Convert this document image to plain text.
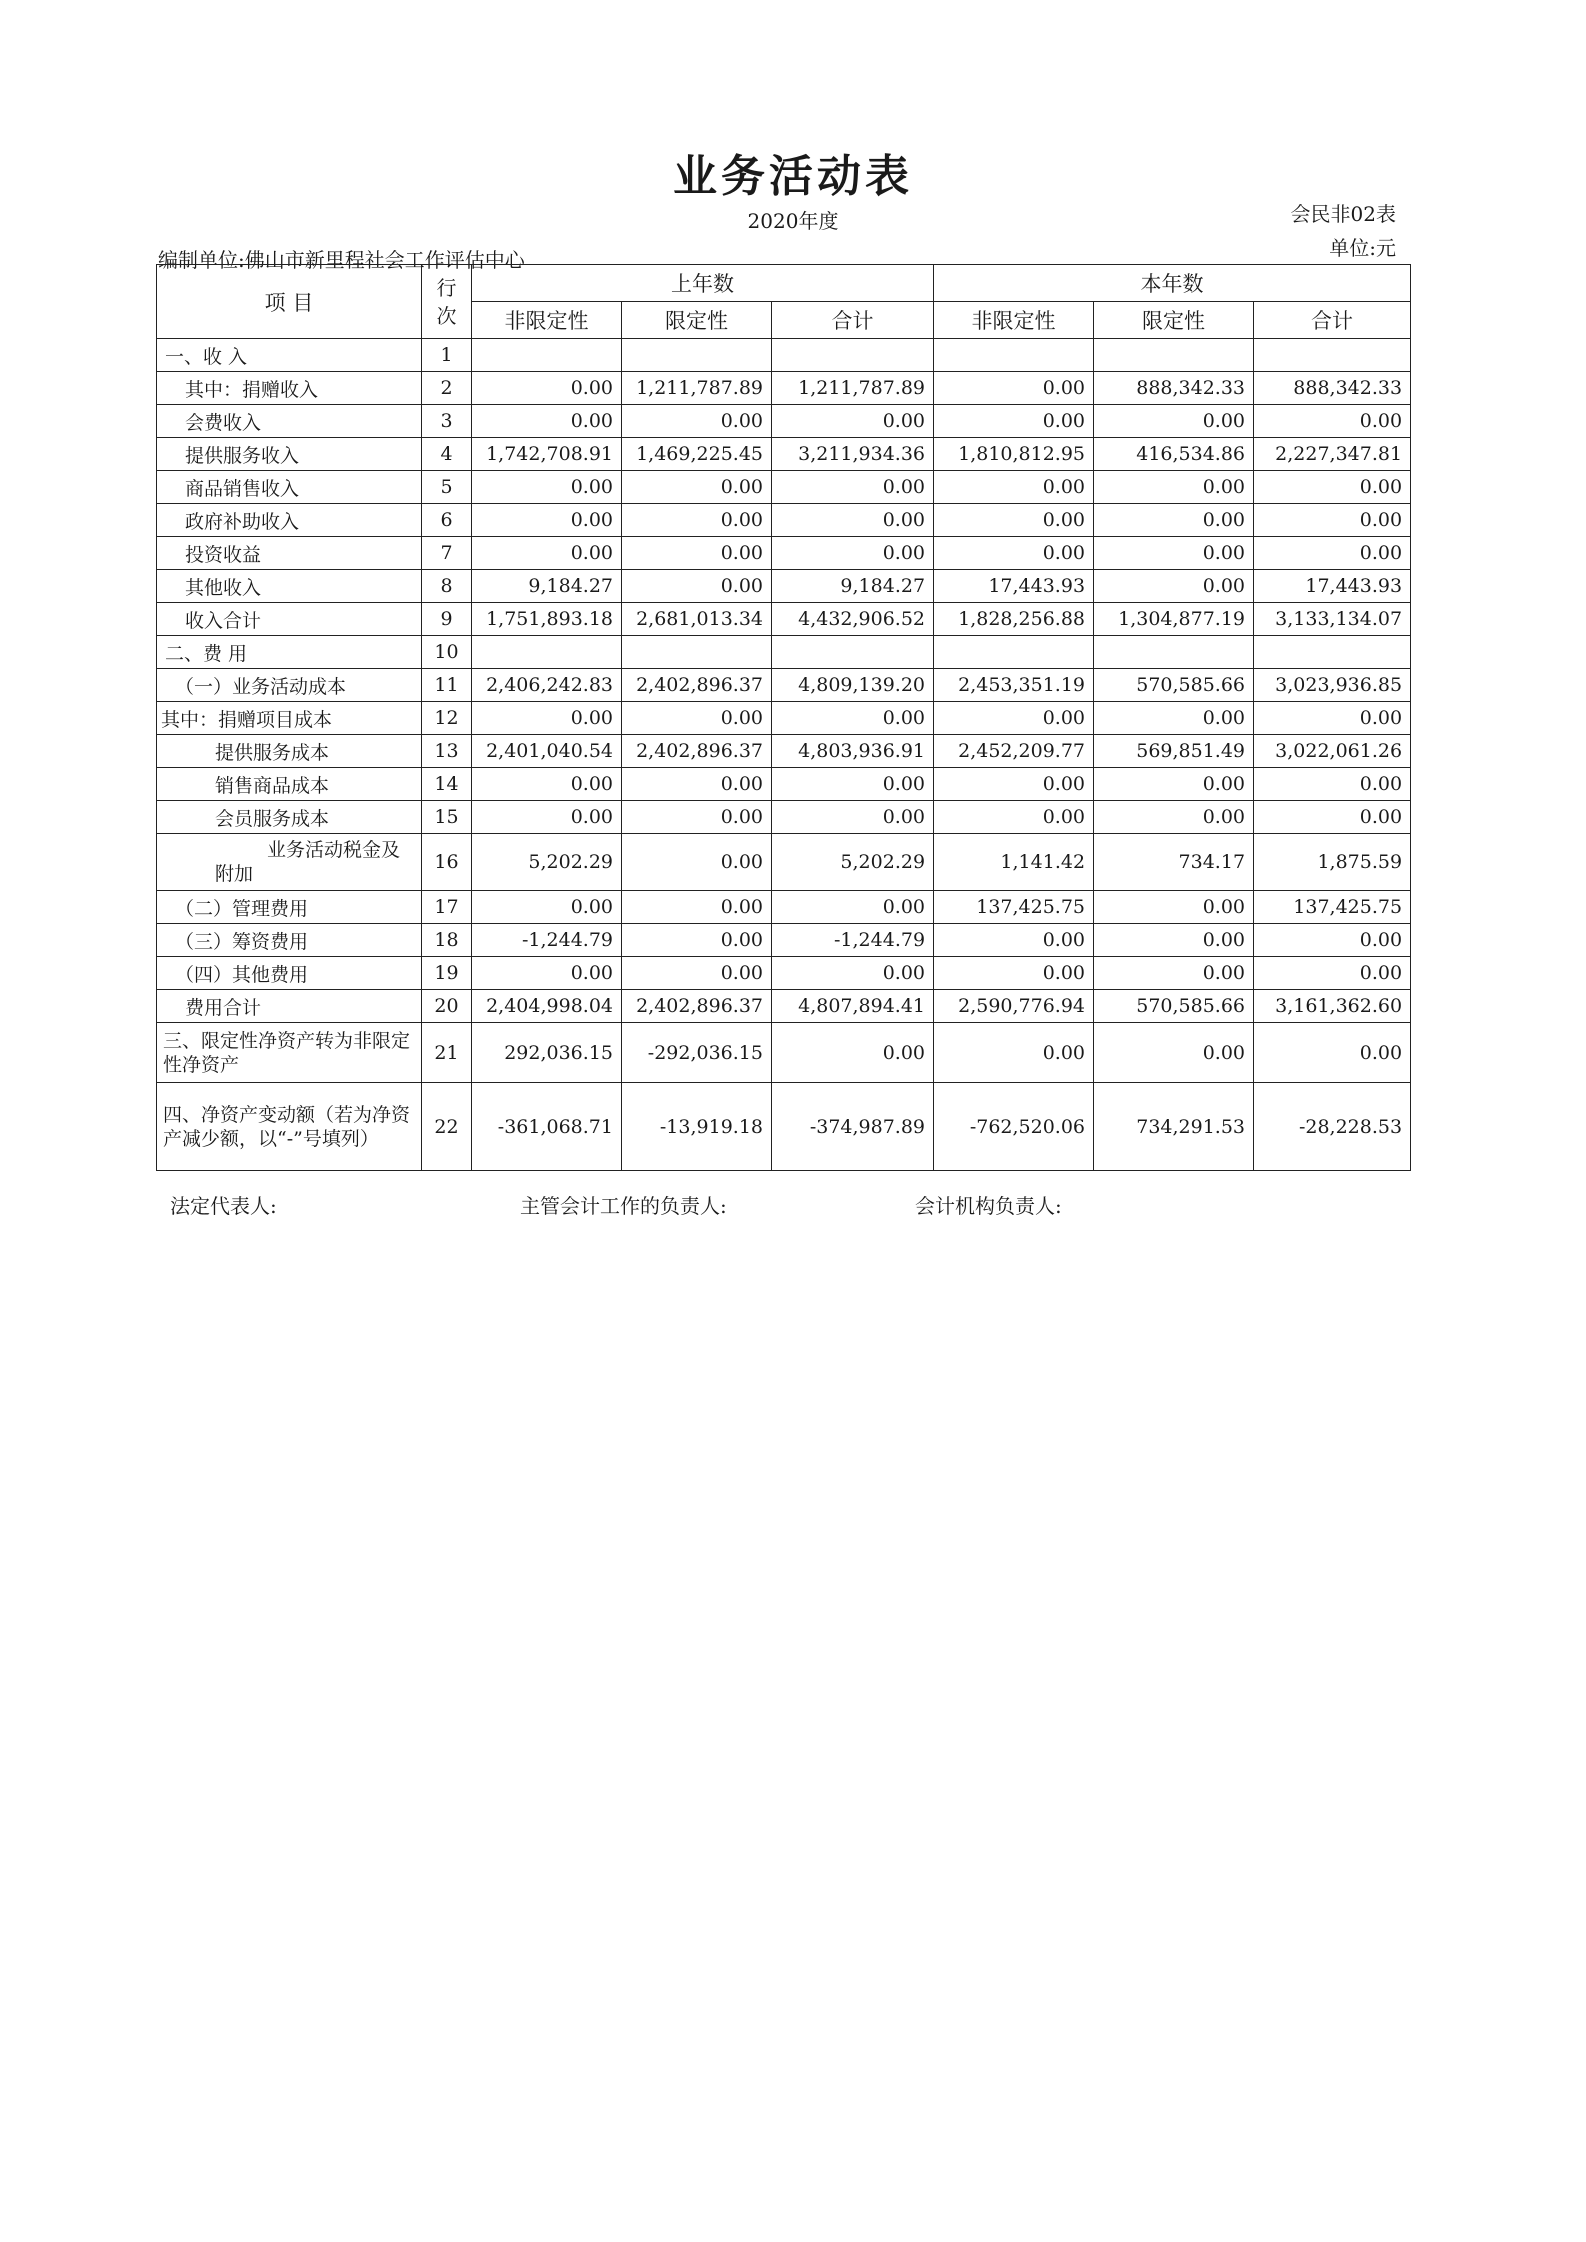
业务活动表
2020年度	会民非02表
单位:元
编制单位:佛山市新里程社会工作评估中心
项 目	行次	上年数			本年数		
		非限定性	限定性	合计	非限定性	限定性	合计
一、收 入	1						
其中：捐赠收入	2	0.00	1,211,787.89	1,211,787.89	0.00	888,342.33	888,342.33
会费收入	3	0.00	0.00	0.00	0.00	0.00	0.00
提供服务收入	4	1,742,708.91	1,469,225.45	3,211,934.36	1,810,812.95	416,534.86	2,227,347.81
商品销售收入	5	0.00	0.00	0.00	0.00	0.00	0.00
政府补助收入	6	0.00	0.00	0.00	0.00	0.00	0.00
投资收益	7	0.00	0.00	0.00	0.00	0.00	0.00
其他收入	8	9,184.27	0.00	9,184.27	17,443.93	0.00	17,443.93
收入合计	9	1,751,893.18	2,681,013.34	4,432,906.52	1,828,256.88	1,304,877.19	3,133,134.07
二、费 用	10						
（一）业务活动成本	11	2,406,242.83	2,402,896.37	4,809,139.20	2,453,351.19	570,585.66	3,023,936.85
其中：捐赠项目成本	12	0.00	0.00	0.00	0.00	0.00	0.00
提供服务成本	13	2,401,040.54	2,402,896.37	4,803,936.91	2,452,209.77	569,851.49	3,022,061.26
销售商品成本	14	0.00	0.00	0.00	0.00	0.00	0.00
会员服务成本	15	0.00	0.00	0.00	0.00	0.00	0.00
业务活动税金及附加	16	5,202.29	0.00	5,202.29	1,141.42	734.17	1,875.59
（二）管理费用	17	0.00	0.00	0.00	137,425.75	0.00	137,425.75
（三）筹资费用	18	-1,244.79	0.00	-1,244.79	0.00	0.00	0.00
（四）其他费用	19	0.00	0.00	0.00	0.00	0.00	0.00
费用合计	20	2,404,998.04	2,402,896.37	4,807,894.41	2,590,776.94	570,585.66	3,161,362.60
三、限定性净资产转为非限定性净资产	21	292,036.15	-292,036.15	0.00	0.00	0.00	0.00
四、净资产变动额（若为净资产减少额，以“-”号填列）	22	-361,068.71	-13,919.18	-374,987.89	-762,520.06	734,291.53	-28,228.53
法定代表人:	主管会计工作的负责人:	会计机构负责人:
